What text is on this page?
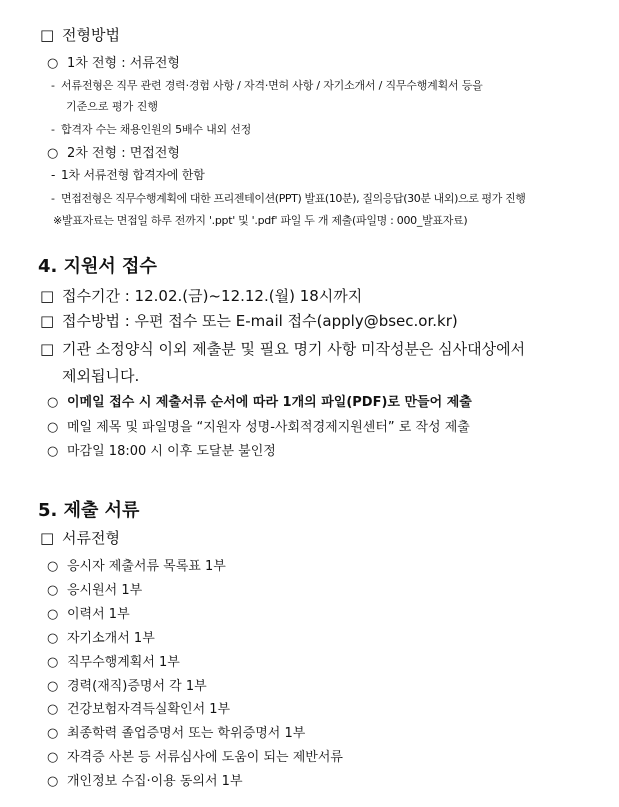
□ 전형방법
○ 1차 전형 : 서류전형
- 서류전형은 직무 관련 경력·경험 사항 / 자격·면허 사항 / 자기소개서 / 직무수행계획서 등을
기준으로 평가 진행
- 합격자 수는 채용인원의 5배수 내외 선정
○ 2차 전형 : 면접전형
- 1차 서류전형 합격자에 한함
- 면접전형은 직무수행계획에 대한 프리젠테이션(PPT) 발표(10분), 질의응답(30분 내외)으로 평가 진행
※발표자료는 면접일 하루 전까지 '.ppt' 및 '.pdf' 파일 두 개 제출(파일명 : 000_발표자료)
4. 지원서 접수
□ 접수기간 : 12.02.(금)~12.12.(월) 18시까지
□ 접수방법 : 우편 접수 또는 E-mail 접수(apply@bsec.or.kr)
□ 기관 소정양식 이외 제출분 및 필요 명기 사항 미작성분은 심사대상에서
제외됩니다.
○ 이메일 접수 시 제출서류 순서에 따라 1개의 파일(PDF)로 만들어 제출
○ 메일 제목 및 파일명을 “지원자 성명-사회적경제지원센터” 로 작성 제출
○ 마감일 18:00 시 이후 도달분 불인정
5. 제출 서류
□ 서류전형
○ 응시자 제출서류 목록표 1부
○ 응시원서 1부
○ 이력서 1부
○ 자기소개서 1부
○ 직무수행계획서 1부
○ 경력(재직)증명서 각 1부
○ 건강보험자격득실확인서 1부
○ 최종학력 졸업증명서 또는 학위증명서 1부
○ 자격증 사본 등 서류심사에 도움이 되는 제반서류
○ 개인정보 수집·이용 동의서 1부
